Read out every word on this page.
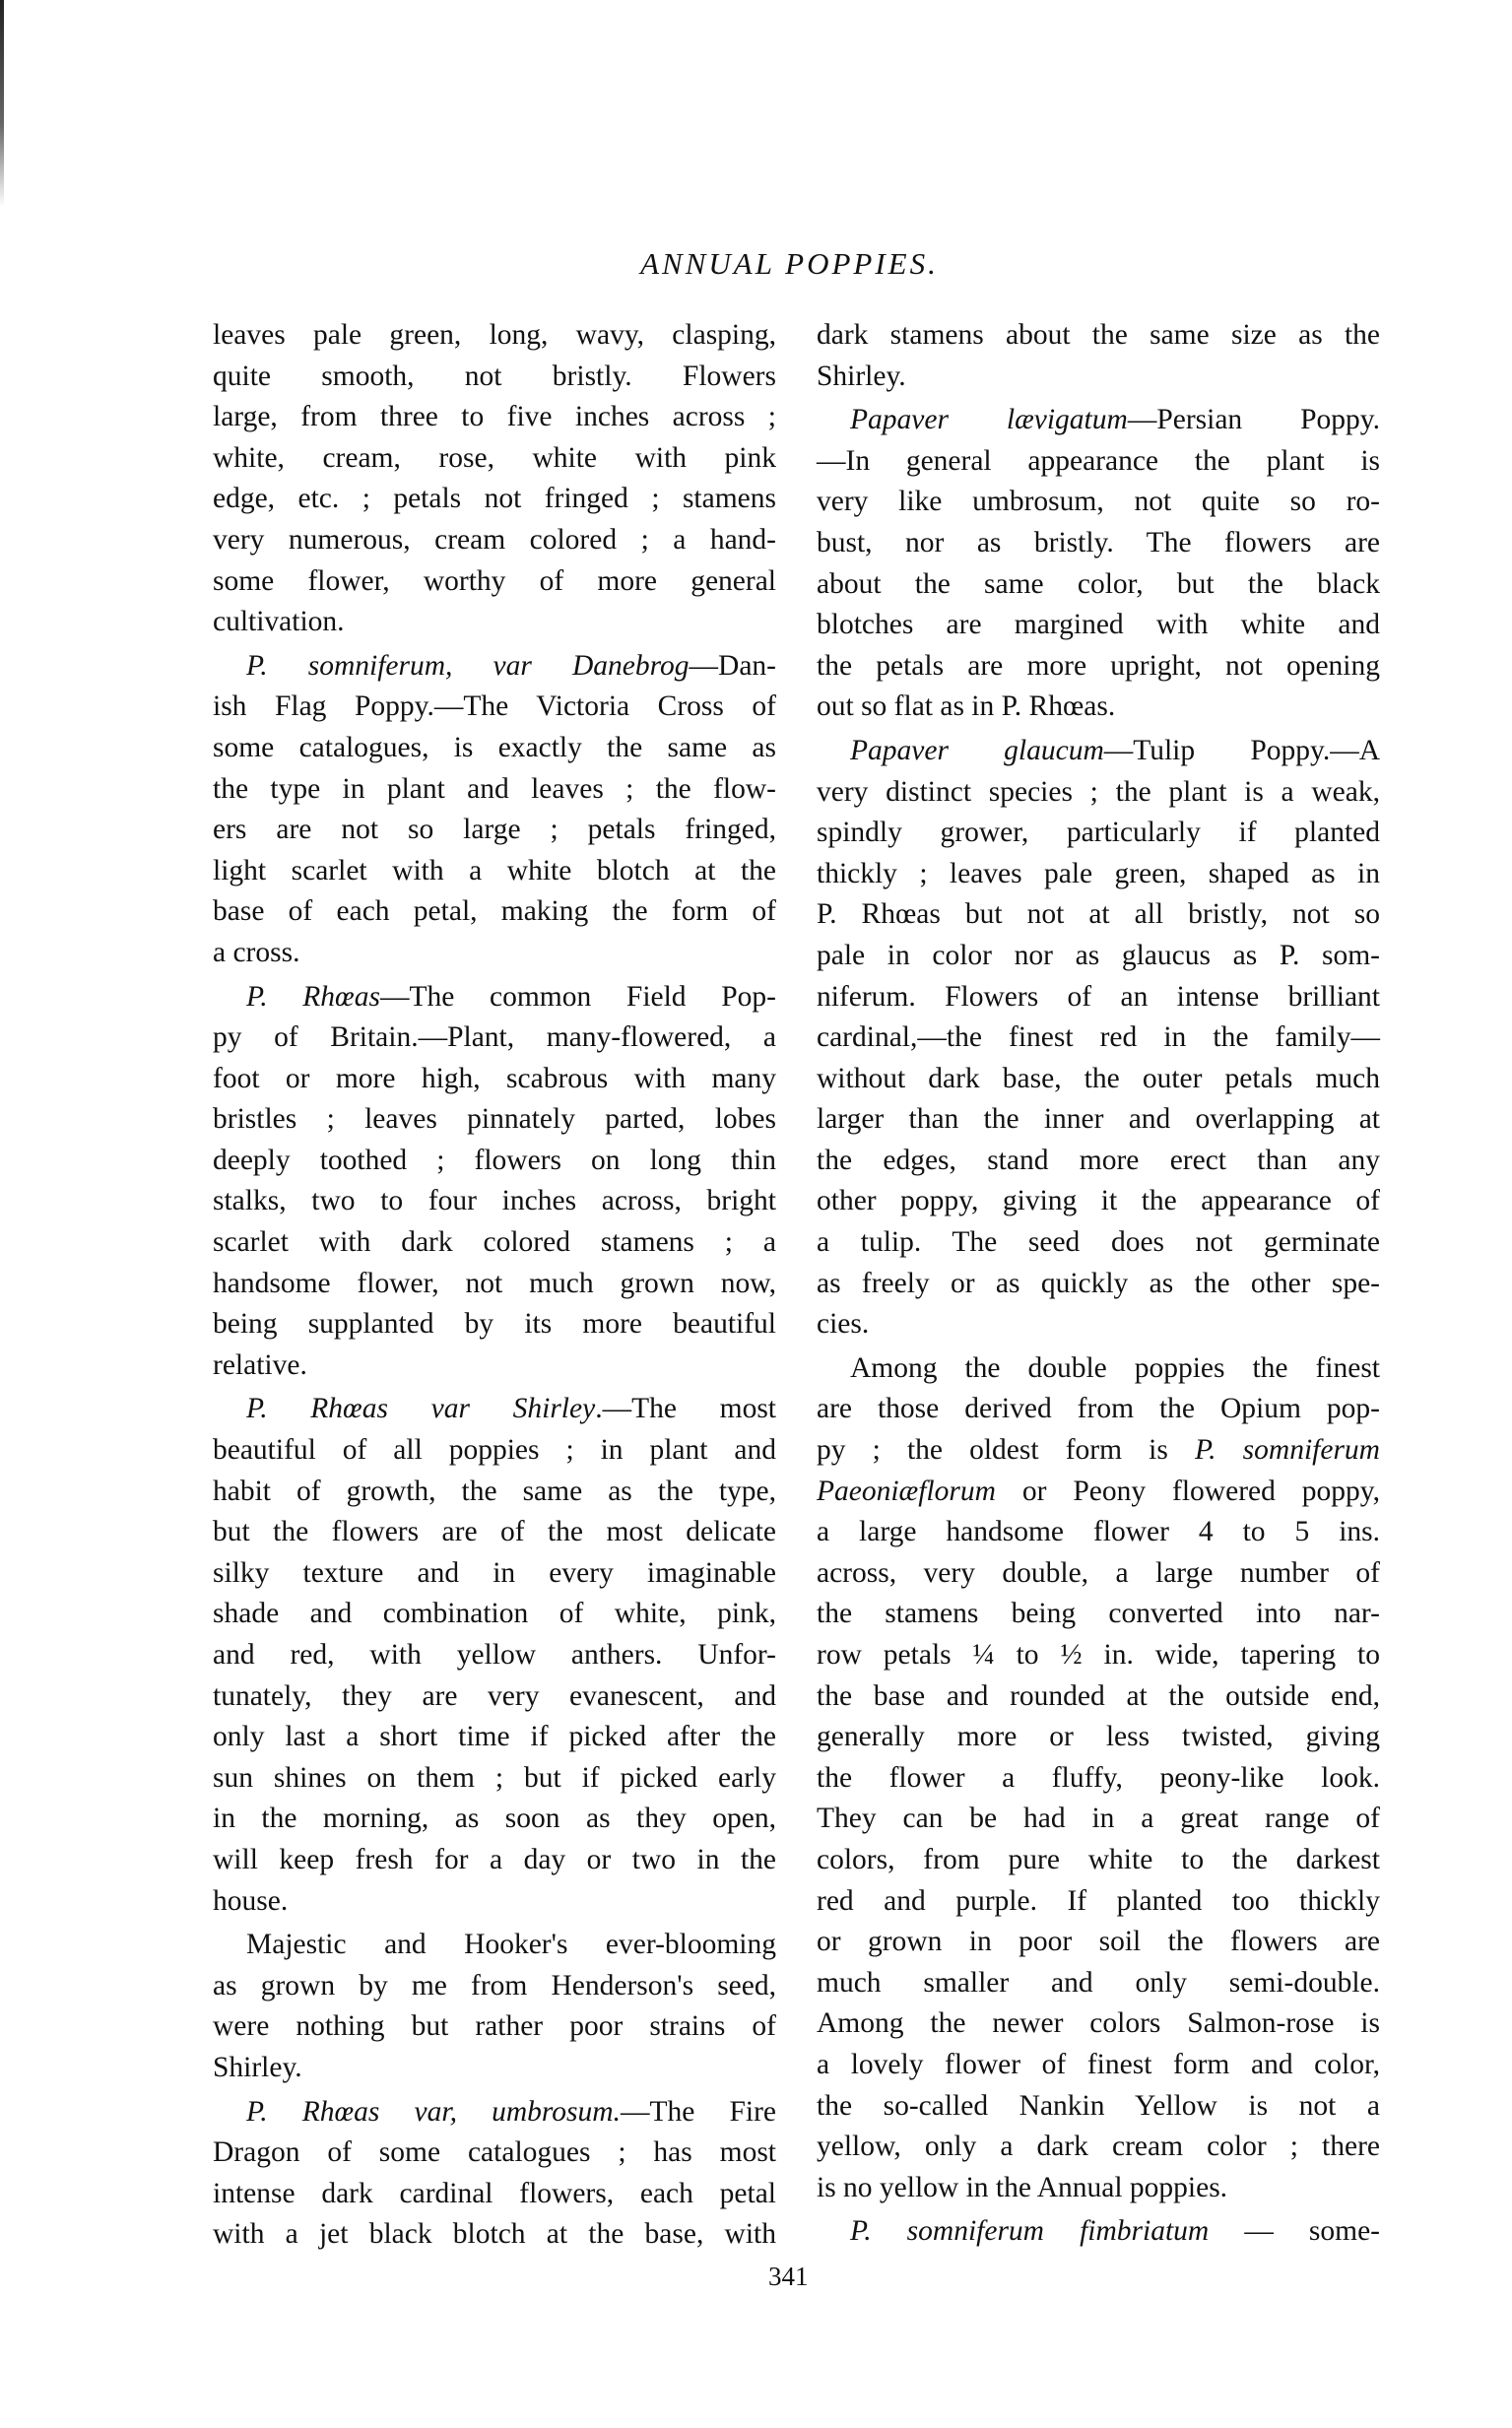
ANNUAL POPPIES.
leaves pale green, long, wavy, clasping,
quite smooth, not bristly. Flowers
large, from three to five inches across ;
white, cream, rose, white with pink
edge, etc. ; petals not fringed ; stamens
very numerous, cream colored ; a hand-
some flower, worthy of more general
cultivation.
P. somniferum, var Danebrog—Dan-
ish Flag Poppy.—The Victoria Cross of
some catalogues, is exactly the same as
the type in plant and leaves ; the flow-
ers are not so large ; petals fringed,
light scarlet with a white blotch at the
base of each petal, making the form of
a cross.
P. Rhœas—The common Field Pop-
py of Britain.—Plant, many-flowered, a
foot or more high, scabrous with many
bristles ; leaves pinnately parted, lobes
deeply toothed ; flowers on long thin
stalks, two to four inches across, bright
scarlet with dark colored stamens ; a
handsome flower, not much grown now,
being supplanted by its more beautiful
relative.
P. Rhœas var Shirley.—The most
beautiful of all poppies ; in plant and
habit of growth, the same as the type,
but the flowers are of the most delicate
silky texture and in every imaginable
shade and combination of white, pink,
and red, with yellow anthers. Unfor-
tunately, they are very evanescent, and
only last a short time if picked after the
sun shines on them ; but if picked early
in the morning, as soon as they open,
will keep fresh for a day or two in the
house.
Majestic and Hooker's ever-blooming
as grown by me from Henderson's seed,
were nothing but rather poor strains of
Shirley.
P. Rhœas var, umbrosum.—The Fire
Dragon of some catalogues ; has most
intense dark cardinal flowers, each petal
with a jet black blotch at the base, with
dark stamens about the same size as the
Shirley.
Papaver lævigatum—Persian Poppy.
—In general appearance the plant is
very like umbrosum, not quite so ro-
bust, nor as bristly. The flowers are
about the same color, but the black
blotches are margined with white and
the petals are more upright, not opening
out so flat as in P. Rhœas.
Papaver glaucum—Tulip Poppy.—A
very distinct species ; the plant is a weak,
spindly grower, particularly if planted
thickly ; leaves pale green, shaped as in
P. Rhœas but not at all bristly, not so
pale in color nor as glaucus as P. som-
niferum. Flowers of an intense brilliant
cardinal,—the finest red in the family—
without dark base, the outer petals much
larger than the inner and overlapping at
the edges, stand more erect than any
other poppy, giving it the appearance of
a tulip. The seed does not germinate
as freely or as quickly as the other spe-
cies.
Among the double poppies the finest
are those derived from the Opium pop-
py ; the oldest form is P. somniferum
Paeoniæflorum or Peony flowered poppy,
a large handsome flower 4 to 5 ins.
across, very double, a large number of
the stamens being converted into nar-
row petals ¼ to ½ in. wide, tapering to
the base and rounded at the outside end,
generally more or less twisted, giving
the flower a fluffy, peony-like look.
They can be had in a great range of
colors, from pure white to the darkest
red and purple. If planted too thickly
or grown in poor soil the flowers are
much smaller and only semi-double.
Among the newer colors Salmon-rose is
a lovely flower of finest form and color,
the so-called Nankin Yellow is not a
yellow, only a dark cream color ; there
is no yellow in the Annual poppies.
P. somniferum fimbriatum — some-
341
